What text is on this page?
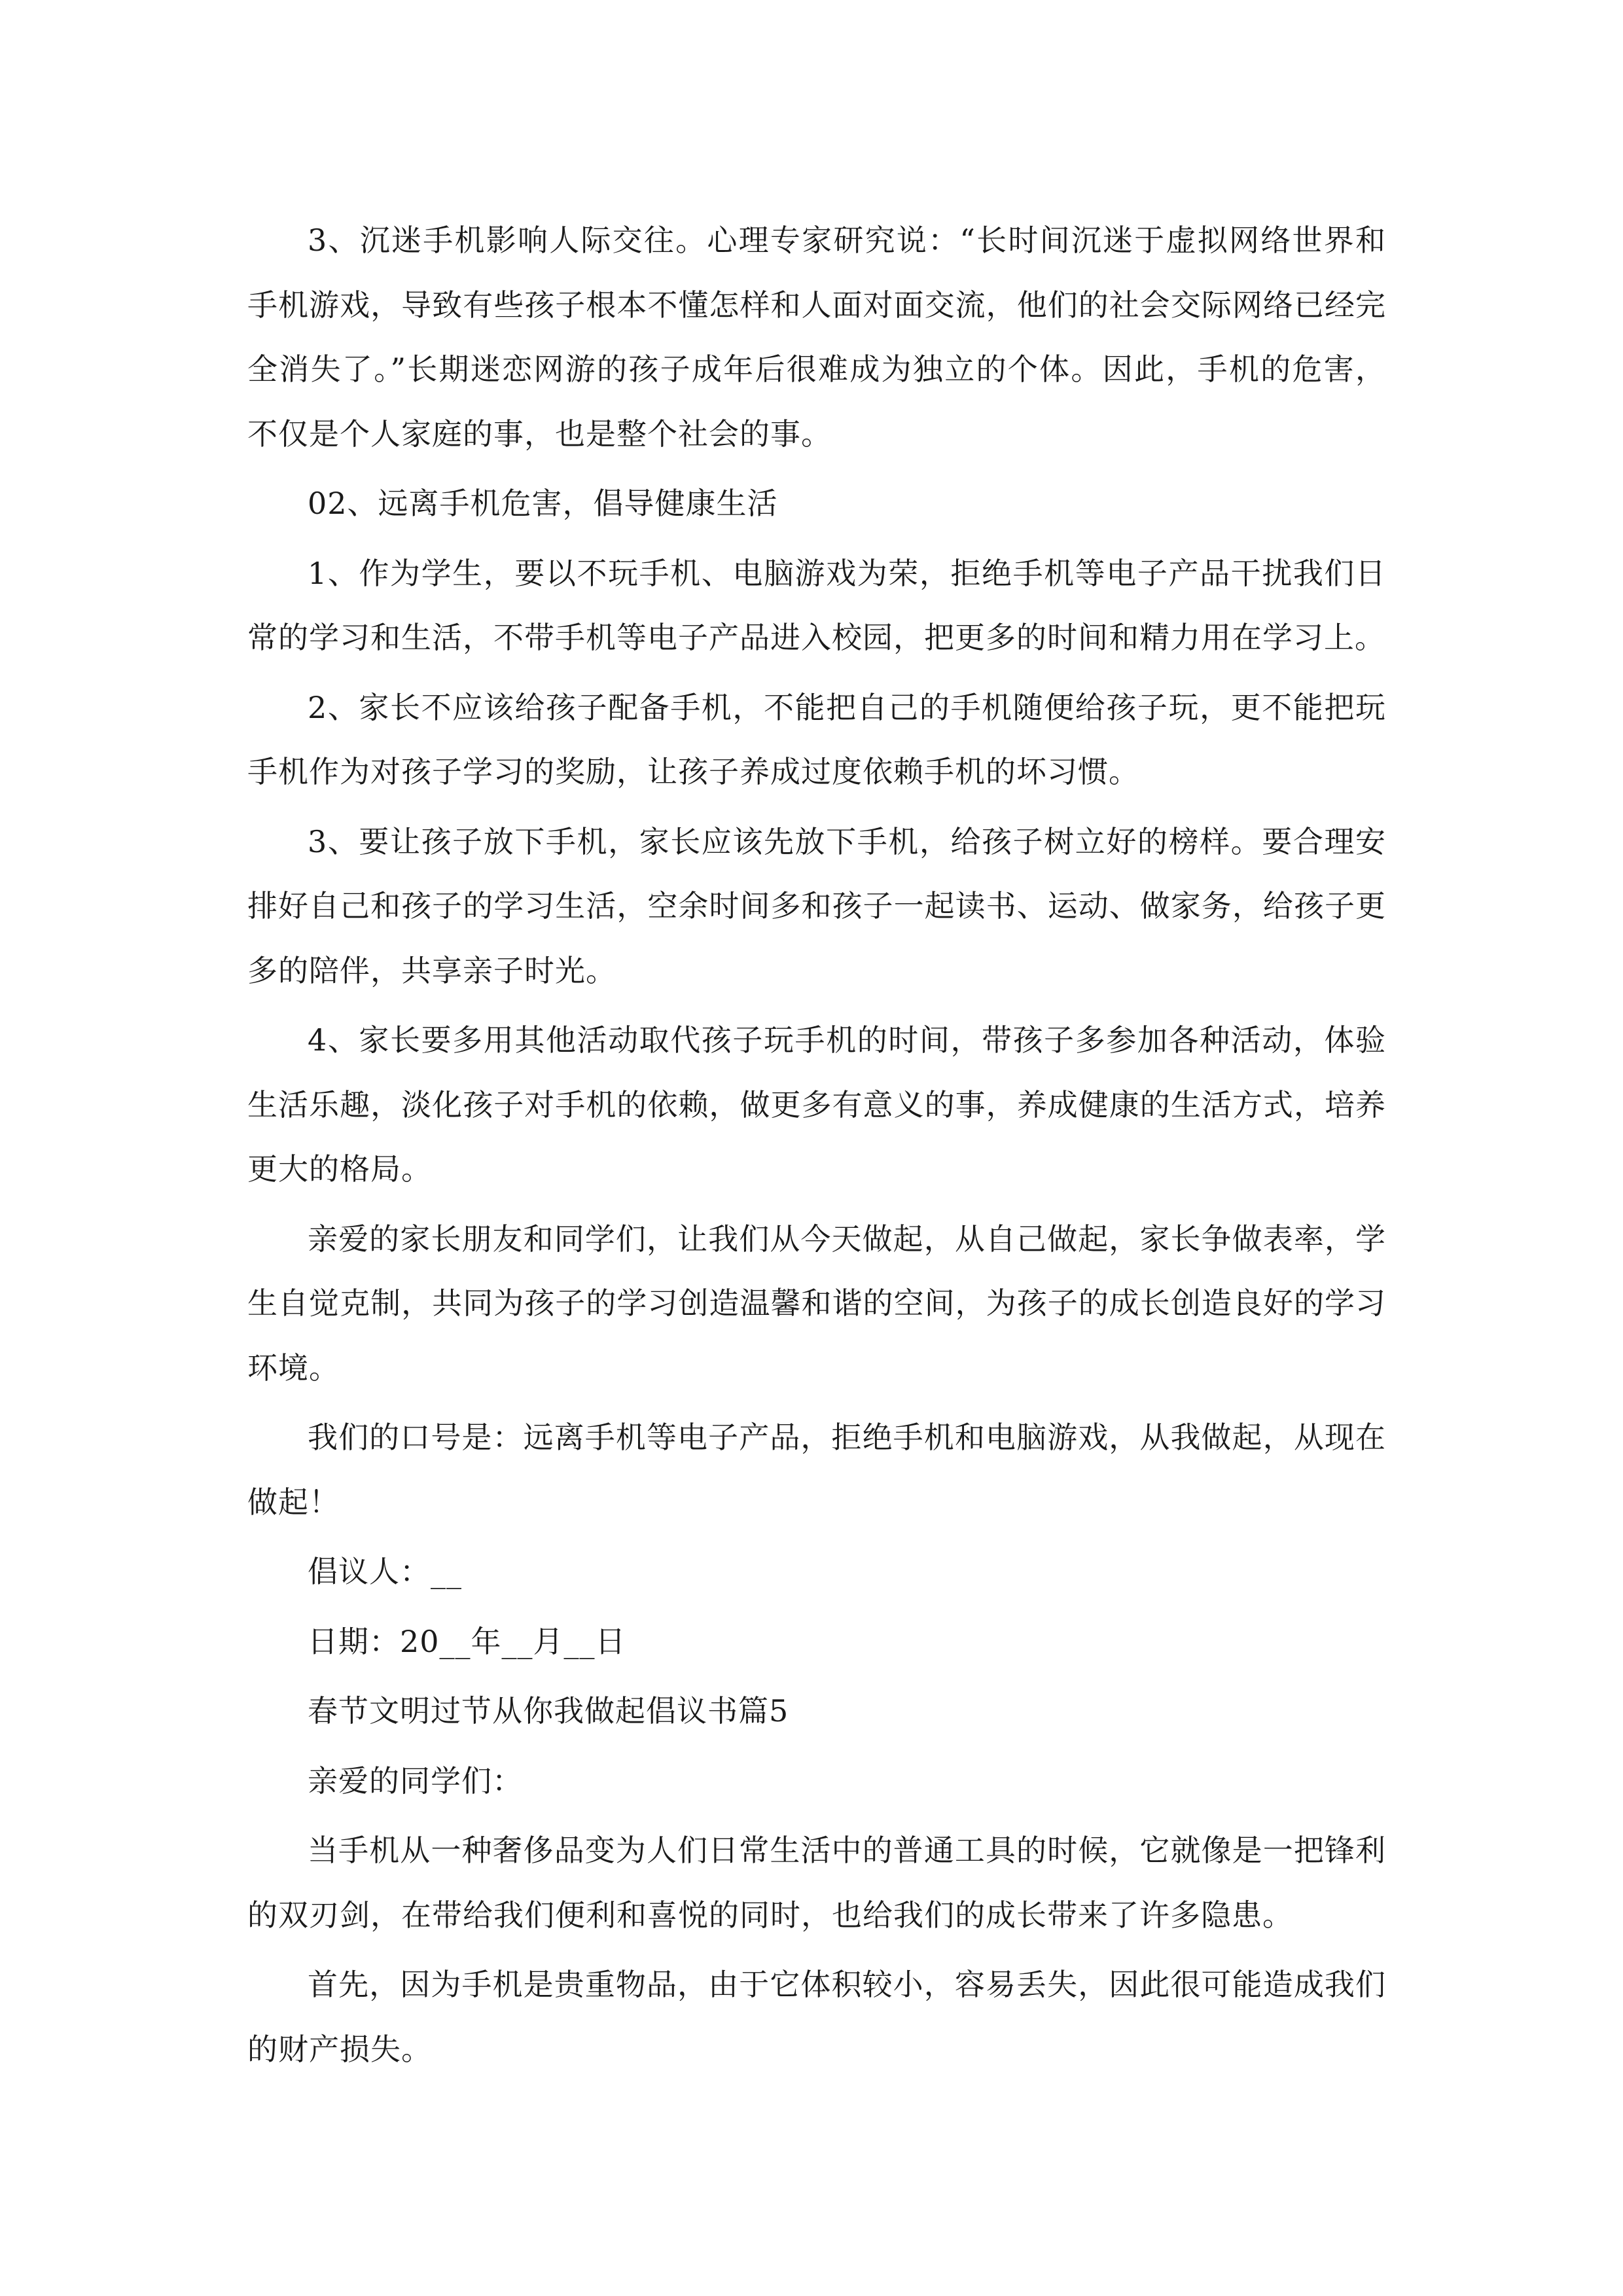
3、沉迷手机影响人际交往。心理专家研究说：“长时间沉迷于虚拟网络世界和手机游戏，导致有些孩子根本不懂怎样和人面对面交流，他们的社会交际网络已经完全消失了。”长期迷恋网游的孩子成年后很难成为独立的个体。因此，手机的危害，不仅是个人家庭的事，也是整个社会的事。

02、远离手机危害，倡导健康生活

1、作为学生，要以不玩手机、电脑游戏为荣，拒绝手机等电子产品干扰我们日常的学习和生活，不带手机等电子产品进入校园，把更多的时间和精力用在学习上。

2、家长不应该给孩子配备手机，不能把自己的手机随便给孩子玩，更不能把玩手机作为对孩子学习的奖励，让孩子养成过度依赖手机的坏习惯。

3、要让孩子放下手机，家长应该先放下手机，给孩子树立好的榜样。要合理安排好自己和孩子的学习生活，空余时间多和孩子一起读书、运动、做家务，给孩子更多的陪伴，共享亲子时光。

4、家长要多用其他活动取代孩子玩手机的时间，带孩子多参加各种活动，体验生活乐趣，淡化孩子对手机的依赖，做更多有意义的事，养成健康的生活方式，培养更大的格局。

亲爱的家长朋友和同学们，让我们从今天做起，从自己做起，家长争做表率，学生自觉克制，共同为孩子的学习创造温馨和谐的空间，为孩子的成长创造良好的学习环境。

我们的口号是：远离手机等电子产品，拒绝手机和电脑游戏，从我做起，从现在做起！

倡议人：__

日期：20__年__月__日

春节文明过节从你我做起倡议书篇5

亲爱的同学们：

当手机从一种奢侈品变为人们日常生活中的普通工具的时候，它就像是一把锋利的双刃剑，在带给我们便利和喜悦的同时，也给我们的成长带来了许多隐患。

首先，因为手机是贵重物品，由于它体积较小，容易丢失，因此很可能造成我们的财产损失。
